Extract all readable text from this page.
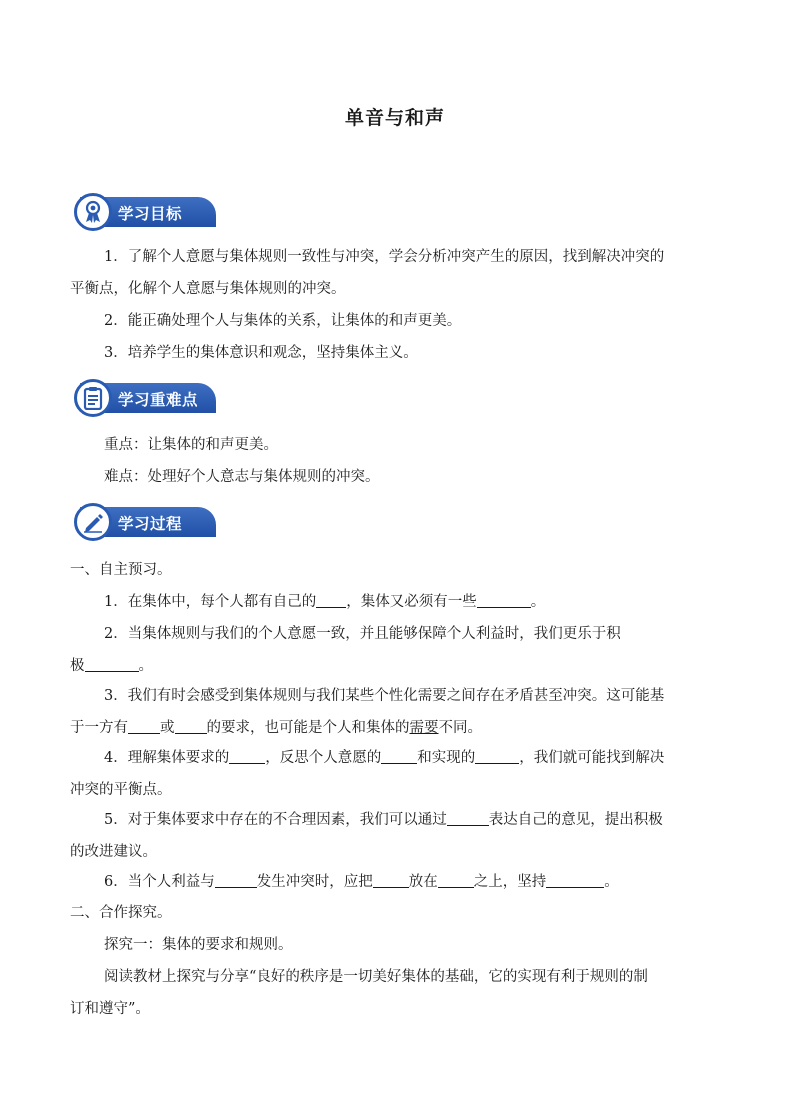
单音与和声
学习目标
1．了解个人意愿与集体规则一致性与冲突，学会分析冲突产生的原因，找到解决冲突的
平衡点，化解个人意愿与集体规则的冲突。
2．能正确处理个人与集体的关系，让集体的和声更美。
3．培养学生的集体意识和观念，坚持集体主义。
学习重难点
重点：让集体的和声更美。
难点：处理好个人意志与集体规则的冲突。
学习过程
一、自主预习。
1．在集体中，每个人都有自己的 ，集体又必须有一些	。
2．当集体规则与我们的个人意愿一致，并且能够保障个人利益时，我们更乐于积
极	。
3．我们有时会感受到集体规则与我们某些个性化需要之间存在矛盾甚至冲突。这可能基
于一方有 或 的要求，也可能是个人和集体的需要不同。
4．理解集体要求的 ，反思个人意愿的 和实现的	，我们就可能找到解决
冲突的平衡点。
5．对于集体要求中存在的不合理因素，我们可以通过	表达自己的意见，提出积极
的改进建议。
6．当个人利益与	发生冲突时，应把 放在 之上，坚持	。
二、合作探究。
探究一：集体的要求和规则。
阅读教材上探究与分享“良好的秩序是一切美好集体的基础，它的实现有利于规则的制
订和遵守”。
